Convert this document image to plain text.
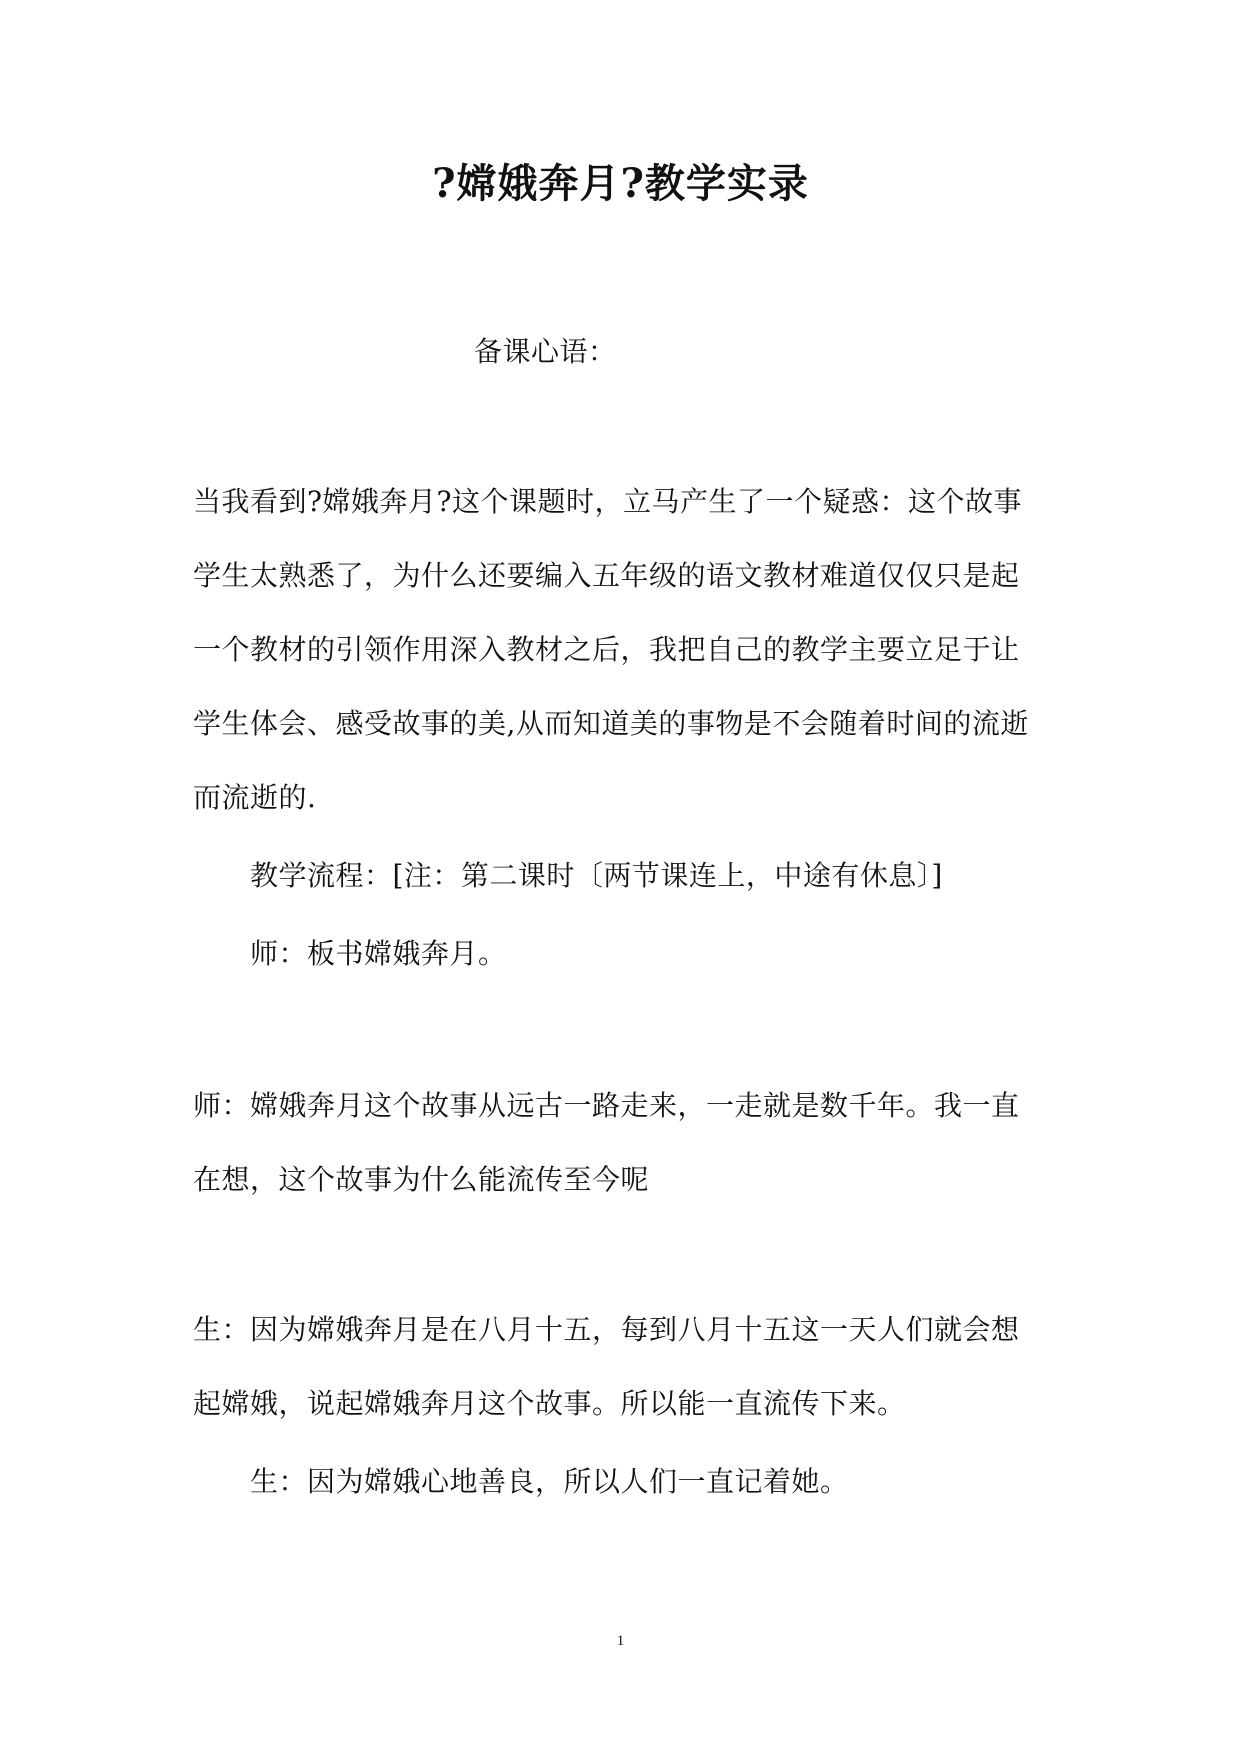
?嫦娥奔月?教学实录
备课心语：
当我看到?嫦娥奔月?这个课题时，立马产生了一个疑惑：这个故事
学生太熟悉了，为什么还要编入五年级的语文教材难道仅仅只是起
一个教材的引领作用深入教材之后，我把自己的教学主要立足于让
学生体会、感受故事的美,从而知道美的事物是不会随着时间的流逝
而流逝的.
教学流程：[注：第二课时〔两节课连上，中途有休息〕]
师：板书嫦娥奔月。
师：嫦娥奔月这个故事从远古一路走来，一走就是数千年。我一直
在想，这个故事为什么能流传至今呢
生：因为嫦娥奔月是在八月十五，每到八月十五这一天人们就会想
起嫦娥，说起嫦娥奔月这个故事。所以能一直流传下来。
生：因为嫦娥心地善良，所以人们一直记着她。
1
